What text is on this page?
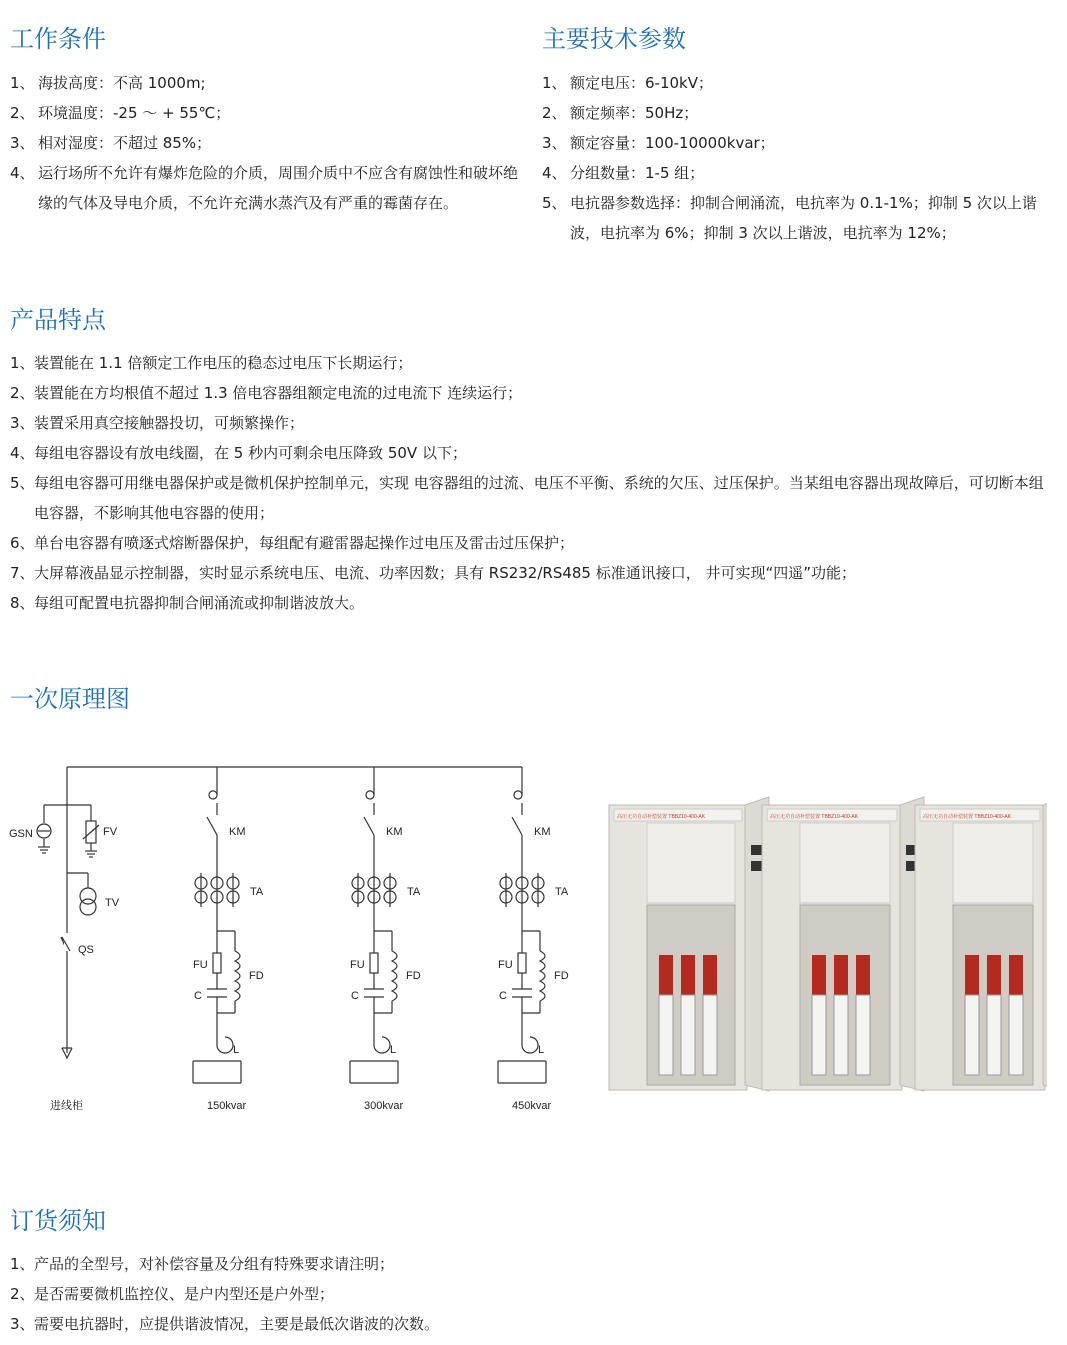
工作条件
1、 海拔高度：不高 1000m;
2、 环境温度：-25 ～ + 55℃；
3、 相对湿度：不超过 85%；
4、 运行场所不允许有爆炸危险的介质，周围介质中不应含有腐蚀性和破坏绝缘的气体及导电介质，不允许充满水蒸汽及有严重的霉菌存在。
主要技术参数
1、 额定电压：6-10kV；
2、 额定频率：50Hz；
3、 额定容量：100-10000kvar；
4、 分组数量：1-5 组；
5、 电抗器参数选择：抑制合闸涌流，电抗率为 0.1-1%；抑制 5 次以上谐波，电抗率为 6%；抑制 3 次以上谐波，电抗率为 12%；
产品特点
1、 装置能在 1.1 倍额定工作电压的稳态过电压下长期运行；
2、 装置能在方均根值不超过 1.3 倍电容器组额定电流的过电流下 连续运行；
3、 装置采用真空接触器投切，可频繁操作；
4、 每组电容器设有放电线圈，在 5 秒内可剩余电压降致 50V 以下；
5、 每组电容器可用继电器保护或是微机保护控制单元，实现 电容器组的过流、电压不平衡、系统的欠压、过压保护。当某组电容器出现故障后，可切断本组电容器，不影响其他电容器的使用；
6、 单台电容器有喷逐式熔断器保护，每组配有避雷器起操作过电压及雷击过压保护；
7、 大屏幕液晶显示控制器，实时显示系统电压、电流、功率因数；具有 RS232/RS485 标准通讯接口， 井可实现“四遥”功能；
8、 每组可配置电抗器抑制合闸涌流或抑制谐波放大。
一次原理图
GSN	FV
TV
QS
进线柜
KM
TA
FU
FD
C
L
150kvar
KM
TA
FU
FD
C
L
300kvar
KM
TA
FU
FD
C
L
450kvar
高压无功自动补偿装置 TBBZ10-400-AK	高压无功自动补偿装置 TBBZ10-400-AK	高压无功自动补偿装置 TBBZ10-400-AK
订货须知
1、 产品的全型号，对补偿容量及分组有特殊要求请注明；
2、 是否需要微机监控仪、是户内型还是户外型；
3、 需要电抗器时，应提供谐波情况，主要是最低次谐波的次数。
